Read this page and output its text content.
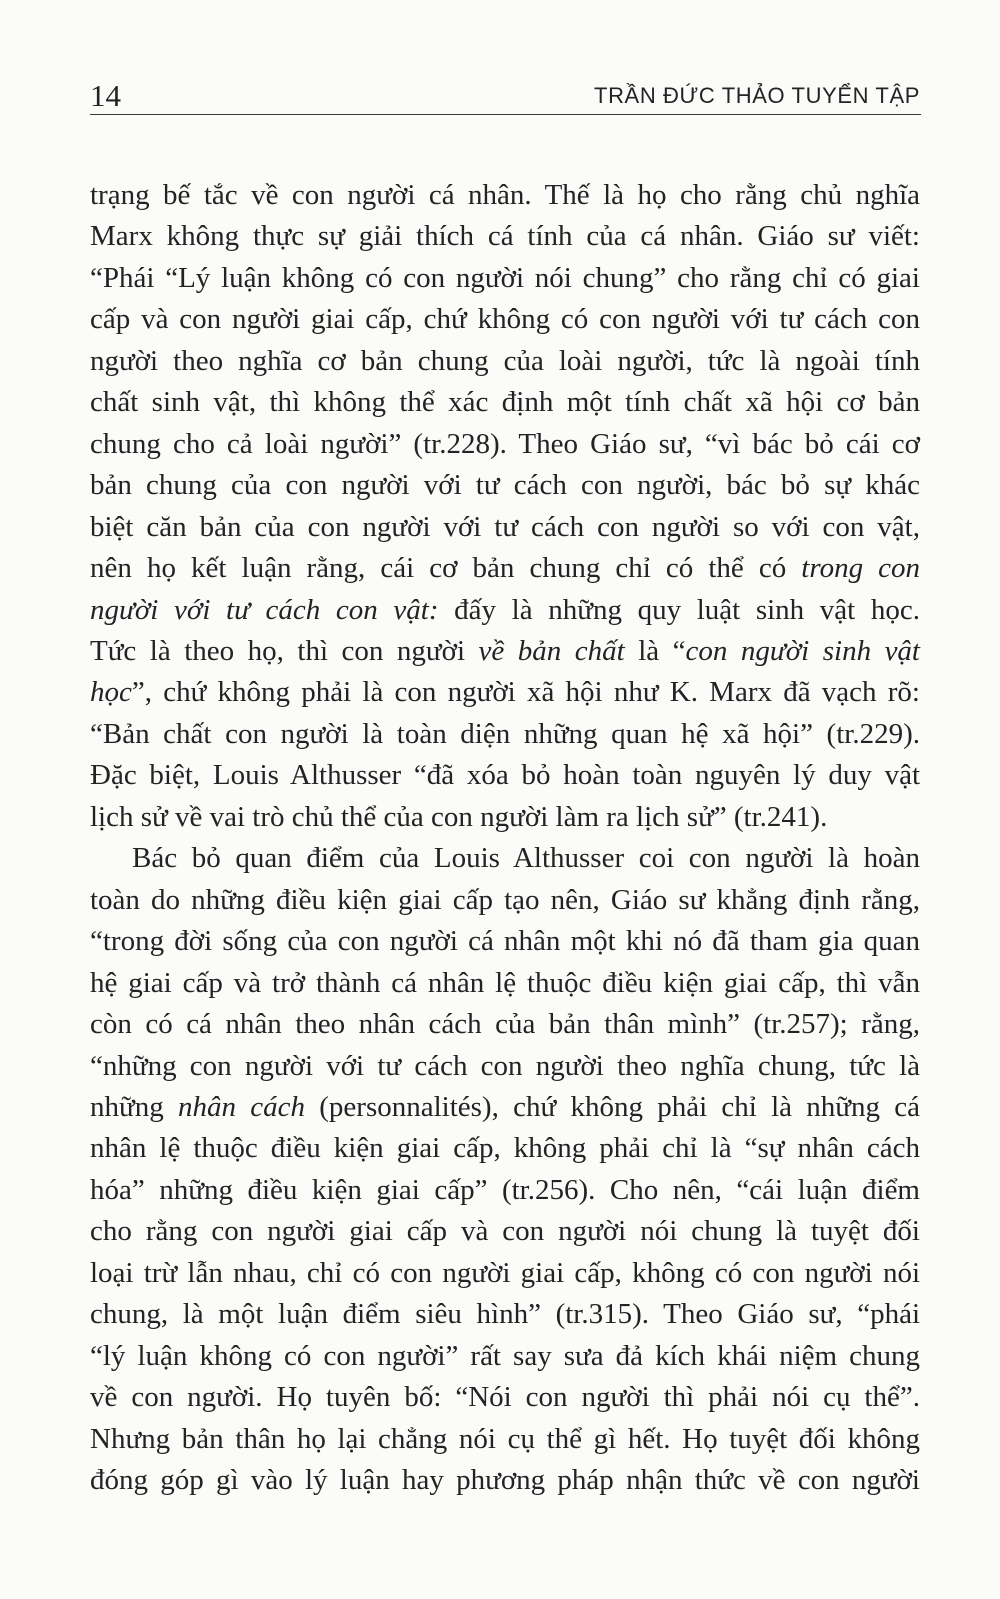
14	TRẦN ĐỨC THẢO TUYỂN TẬP
trạng bế tắc về con người cá nhân. Thế là họ cho rằng chủ nghĩa
Marx không thực sự giải thích cá tính của cá nhân. Giáo sư viết:
“Phái “Lý luận không có con người nói chung” cho rằng chỉ có giai
cấp và con người giai cấp, chứ không có con người với tư cách con
người theo nghĩa cơ bản chung của loài người, tức là ngoài tính
chất sinh vật, thì không thể xác định một tính chất xã hội cơ bản
chung cho cả loài người” (tr.228). Theo Giáo sư, “vì bác bỏ cái cơ
bản chung của con người với tư cách con người, bác bỏ sự khác
biệt căn bản của con người với tư cách con người so với con vật,
nên họ kết luận rằng, cái cơ bản chung chỉ có thể có trong con
người với tư cách con vật: đấy là những quy luật sinh vật học.
Tức là theo họ, thì con người về bản chất là “con người sinh vật
học”, chứ không phải là con người xã hội như K. Marx đã vạch rõ:
“Bản chất con người là toàn diện những quan hệ xã hội” (tr.229).
Đặc biệt, Louis Althusser “đã xóa bỏ hoàn toàn nguyên lý duy vật
lịch sử về vai trò chủ thể của con người làm ra lịch sử” (tr.241).
Bác bỏ quan điểm của Louis Althusser coi con người là hoàn
toàn do những điều kiện giai cấp tạo nên, Giáo sư khẳng định rằng,
“trong đời sống của con người cá nhân một khi nó đã tham gia quan
hệ giai cấp và trở thành cá nhân lệ thuộc điều kiện giai cấp, thì vẫn
còn có cá nhân theo nhân cách của bản thân mình” (tr.257); rằng,
“những con người với tư cách con người theo nghĩa chung, tức là
những nhân cách (personnalités), chứ không phải chỉ là những cá
nhân lệ thuộc điều kiện giai cấp, không phải chỉ là “sự nhân cách
hóa” những điều kiện giai cấp” (tr.256). Cho nên, “cái luận điểm
cho rằng con người giai cấp và con người nói chung là tuyệt đối
loại trừ lẫn nhau, chỉ có con người giai cấp, không có con người nói
chung, là một luận điểm siêu hình” (tr.315). Theo Giáo sư, “phái
“lý luận không có con người” rất say sưa đả kích khái niệm chung
về con người. Họ tuyên bố: “Nói con người thì phải nói cụ thể”.
Nhưng bản thân họ lại chẳng nói cụ thể gì hết. Họ tuyệt đối không
đóng góp gì vào lý luận hay phương pháp nhận thức về con người
